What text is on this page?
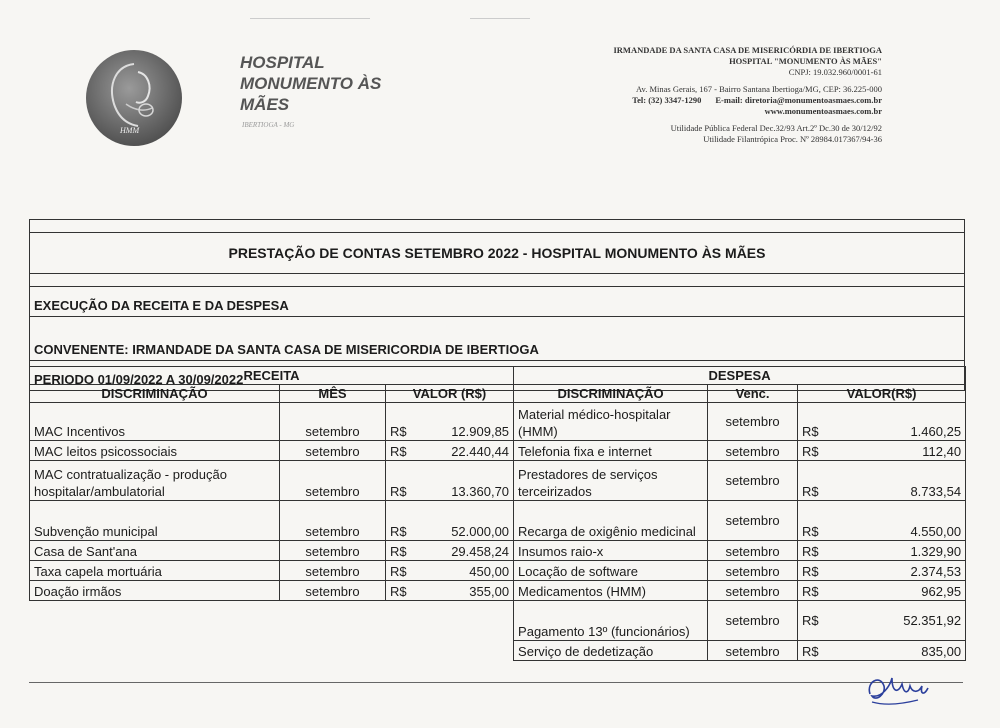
HMM
HOSPITAL
MONUMENTO ÀS
MÃES
IBERTIOGA - MG
IRMANDADE DA SANTA CASA DE MISERICÓRDIA DE IBERTIOGA
HOSPITAL "MONUMENTO ÀS MÃES"
CNPJ: 19.032.960/0001-61
Av. Minas Gerais, 167 - Bairro Santana Ibertioga/MG, CEP: 36.225-000
Tel: (32) 3347-1290 E-mail: diretoria@monumentoasmaes.com.br
www.monumentoasmaes.com.br
Utilidade Pública Federal Dec.32/93 Art.2º Dc.30 de 30/12/92
Utilidade Filantrópica Proc. Nº 28984.017367/94-36
PRESTAÇÃO DE CONTAS SETEMBRO 2022 - HOSPITAL MONUMENTO ÀS MÃES
EXECUÇÃO DA RECEITA E DA DESPESA
CONVENENTE: IRMANDADE DA SANTA CASA DE MISERICORDIA DE IBERTIOGA
PERIODO 01/09/2022 A 30/09/2022 RECEITA				DESPESA			
DISCRIMINAÇÃO	MÊS	VALOR (R$)		DISCRIMINAÇÃO	Venc.	VALOR(R$)	
MAC Incentivos	setembro	R$	12.909,85	Material médico-hospitalar (HMM)	setembro	R$	1.460,25
MAC leitos psicossociais	setembro	R$	22.440,44	Telefonia fixa e internet	setembro	R$	112,40
MAC contratualização - produção hospitalar/ambulatorial	setembro	R$	13.360,70	Prestadores de serviços terceirizados	setembro	R$	8.733,54
Subvenção municipal	setembro	R$	52.000,00	Recarga de oxigênio medicinal	setembro	R$	4.550,00
Casa de Sant'ana	setembro	R$	29.458,24	Insumos raio-x	setembro	R$	1.329,90
Taxa capela mortuária	setembro	R$	450,00	Locação de software	setembro	R$	2.374,53
Doação irmãos	setembro	R$	355,00	Medicamentos (HMM)	setembro	R$	962,95
				Pagamento 13º (funcionários)	setembro	R$	52.351,92
				Serviço de dedetização	setembro	R$	835,00
